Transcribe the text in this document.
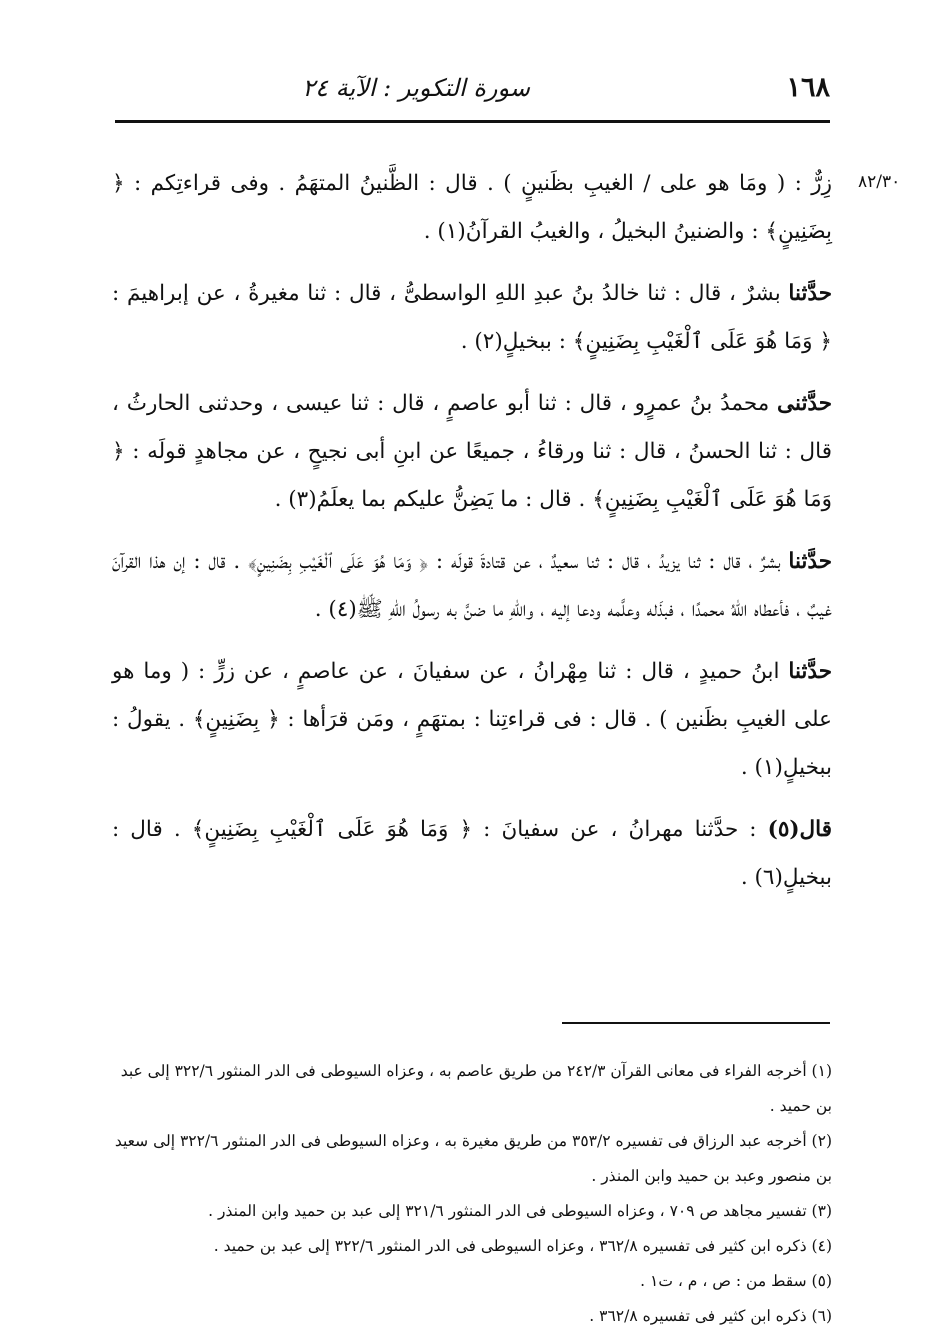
١٦٨
سورة التكوير : الآية ٢٤
٨٢/٣٠

زِرٌّ : ( ومَا هو على / الغيبِ بظَنينٍ ) . قال : الظَّنينُ المتهَمُ . وفى قراءتِكم : ﴿ بِضَنِينٍ﴾ : والضنينُ البخيلُ ، والغيبُ القرآنُ(١) .

حدَّثنا بشرٌ ، قال : ثنا خالدُ بنُ عبدِ اللهِ الواسطىُّ ، قال : ثنا مغيرةُ ، عن إبراهيمَ : ﴿ وَمَا هُوَ عَلَى ٱلْغَيْبِ بِضَنِينٍ﴾ : ببخيلٍ(٢) .

حدَّثنى محمدُ بنُ عمرٍو ، قال : ثنا أبو عاصمٍ ، قال : ثنا عيسى ، وحدثنى الحارثُ ، قال : ثنا الحسنُ ، قال : ثنا ورقاءُ ، جميعًا عن ابنِ أبى نجيحٍ ، عن مجاهدٍ قولَه : ﴿ وَمَا هُوَ عَلَى ٱلْغَيْبِ بِضَنِينٍ﴾ . قال : ما يَضِنُّ عليكم بما يعلَمُ(٣) .

حدَّثنا بشرٌ ، قال : ثنا يزيدُ ، قال : ثنا سعيدٌ ، عن قتادةَ قولَه : ﴿ وَمَا هُوَ عَلَى ٱلْغَيْبِ بِضَنِينٍ﴾ . قال : إن هذا القرآنَ غيبٌ ، فأعطاه اللهُ محمدًا ، فبذَله وعلَّمه ودعا إليه ، واللهِ ما ضنَّ به رسولُ اللهِ ﷺ(٤) .

حدَّثنا ابنُ حميدٍ ، قال : ثنا مِهْرانُ ، عن سفيانَ ، عن عاصمٍ ، عن زرٍّ : ( وما هو على الغيبِ بظَنين ) . قال : فى قراءتِنا : بمتهَمٍ ، ومَن قرَأها : ﴿ بِضَنِينٍ﴾ . يقولُ : ببخيلٍ(١) .

قال(٥) : حدَّثنا مهرانُ ، عن سفيانَ : ﴿ وَمَا هُوَ عَلَى ٱلْغَيْبِ بِضَنِينٍ﴾ . قال : ببخيلٍ(٦) .

(١) أخرجه الفراء فى معانى القرآن ٢٤٢/٣ من طريق عاصم به ، وعزاه السيوطى فى الدر المنثور ٣٢٢/٦ إلى عبد بن حميد .

(٢) أخرجه عبد الرزاق فى تفسيره ٣٥٣/٢ من طريق مغيرة به ، وعزاه السيوطى فى الدر المنثور ٣٢٢/٦ إلى سعيد بن منصور وعبد بن حميد وابن المنذر .

(٣) تفسير مجاهد ص ٧٠٩ ، وعزاه السيوطى فى الدر المنثور ٣٢١/٦ إلى عبد بن حميد وابن المنذر .

(٤) ذكره ابن كثير فى تفسيره ٣٦٢/٨ ، وعزاه السيوطى فى الدر المنثور ٣٢٢/٦ إلى عبد بن حميد .

(٥) سقط من : ص ، م ، ت١ .

(٦) ذكره ابن كثير فى تفسيره ٣٦٢/٨ .
